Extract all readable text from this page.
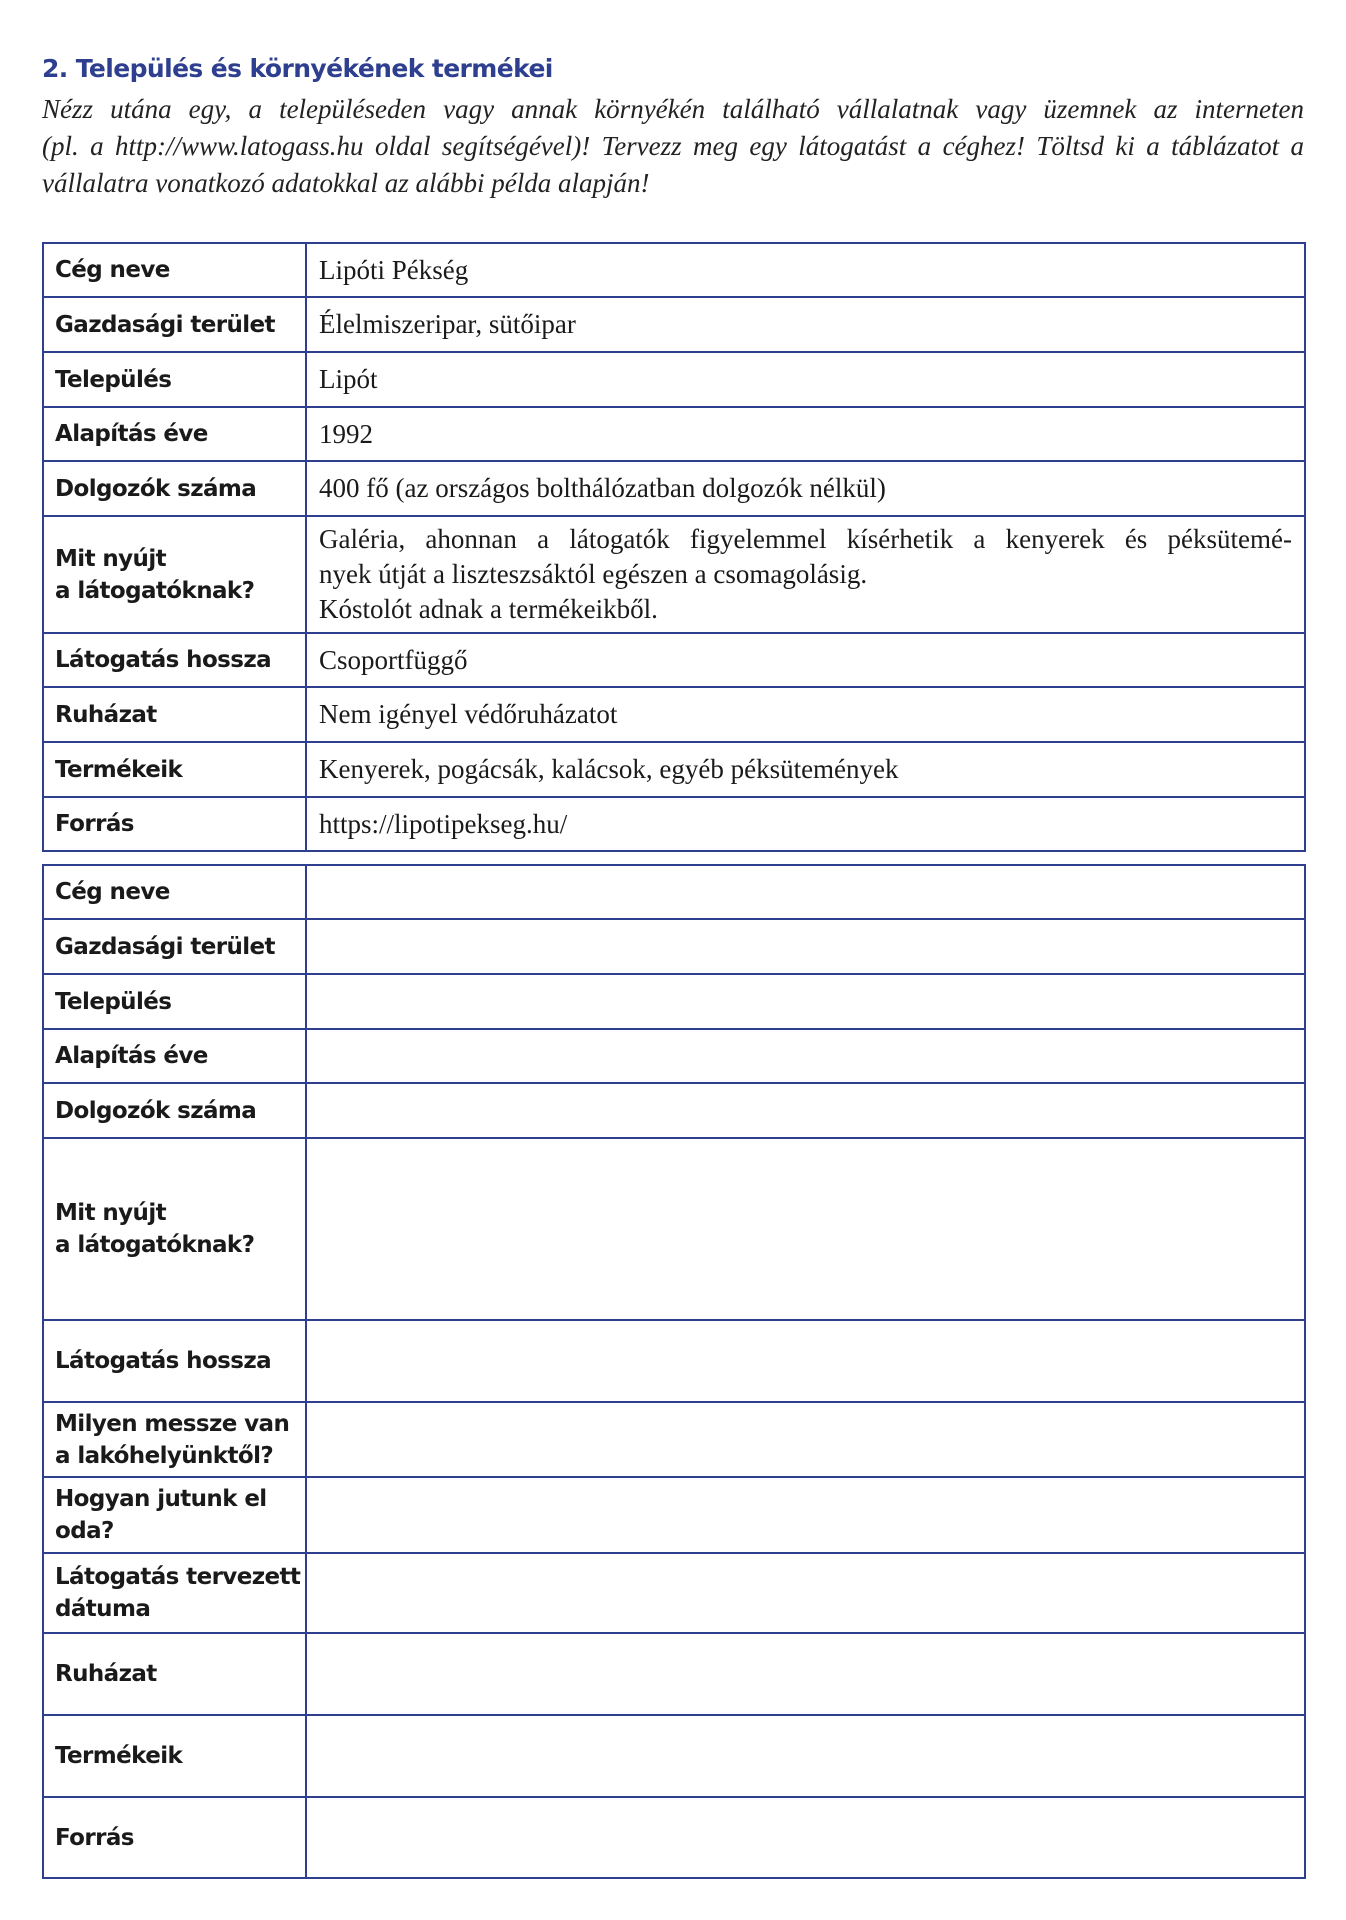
2. Település és környékének termékei
Nézz utána egy, a településeden vagy annak környékén található vállalatnak vagy üzemnek az interneten
(pl. a http://www.latogass.hu oldal segítségével)! Tervezz meg egy látogatást a céghez! Töltsd ki a táblázatot a
vállalatra vonatkozó adatokkal az alábbi példa alapján!
Cég neve	Lipóti Pékség
Gazdasági terület	Élelmiszeripar, sütőipar
Település	Lipót
Alapítás éve	1992
Dolgozók száma	400 fő (az országos bolthálózatban dolgozók nélkül)

Mit nyújt
a látogatóknak?	Galéria, ahonnan a látogatók figyelemmel kísérhetik a kenyerek és péksütemé-
nyek útját a liszteszsáktól egészen a csomagolásig.
Kóstolót adnak a termékeikből.

Látogatás hossza	Csoportfüggő
Ruházat	Nem igényel védőruházatot
Termékeik	Kenyerek, pogácsák, kalácsok, egyéb péksütemények
Forrás	https://lipotipekseg.hu/
Cég neve	
Gazdasági terület	
Település	
Alapítás éve	
Dolgozók száma	

Mit nyújt
a látogatóknak?	

Látogatás hossza	

Milyen messze van
a lakóhelyünktől?	

Hogyan jutunk el
oda?	

Látogatás tervezett
dátuma	

Ruházat	
Termékeik	
Forrás	
